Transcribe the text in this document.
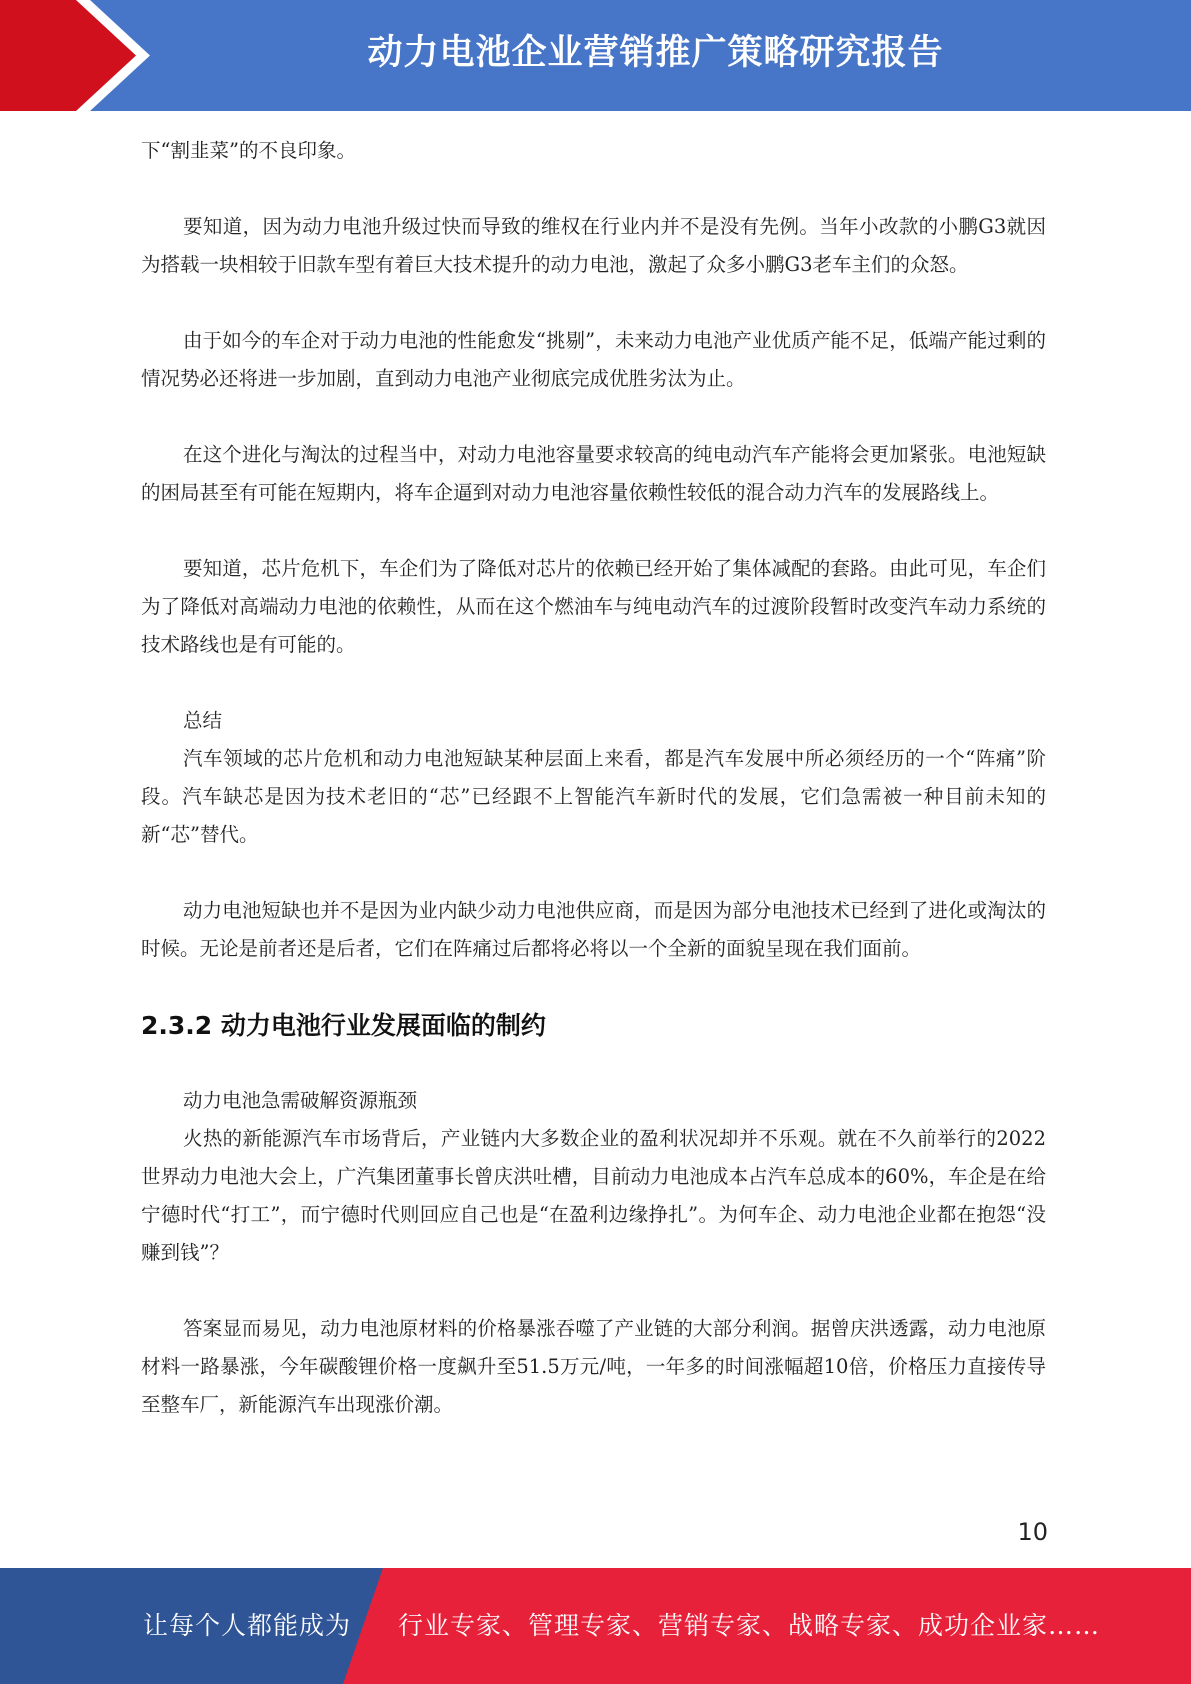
动力电池企业营销推广策略研究报告

下“割韭菜”的不良印象。

要知道，因为动力电池升级过快而导致的维权在行业内并不是没有先例。当年小改款的小鹏G3就因为搭载一块相较于旧款车型有着巨大技术提升的动力电池，激起了众多小鹏G3老车主们的众怒。

由于如今的车企对于动力电池的性能愈发“挑剔”，未来动力电池产业优质产能不足，低端产能过剩的情况势必还将进一步加剧，直到动力电池产业彻底完成优胜劣汰为止。

在这个进化与淘汰的过程当中，对动力电池容量要求较高的纯电动汽车产能将会更加紧张。电池短缺的困局甚至有可能在短期内，将车企逼到对动力电池容量依赖性较低的混合动力汽车的发展路线上。

要知道，芯片危机下，车企们为了降低对芯片的依赖已经开始了集体减配的套路。由此可见，车企们为了降低对高端动力电池的依赖性，从而在这个燃油车与纯电动汽车的过渡阶段暂时改变汽车动力系统的技术路线也是有可能的。

总结

汽车领域的芯片危机和动力电池短缺某种层面上来看，都是汽车发展中所必须经历的一个“阵痛”阶段。汽车缺芯是因为技术老旧的“芯”已经跟不上智能汽车新时代的发展，它们急需被一种目前未知的新“芯”替代。

动力电池短缺也并不是因为业内缺少动力电池供应商，而是因为部分电池技术已经到了进化或淘汰的时候。无论是前者还是后者，它们在阵痛过后都将必将以一个全新的面貌呈现在我们面前。

2.3.2 动力电池行业发展面临的制约

动力电池急需破解资源瓶颈

火热的新能源汽车市场背后，产业链内大多数企业的盈利状况却并不乐观。就在不久前举行的2022世界动力电池大会上，广汽集团董事长曾庆洪吐槽，目前动力电池成本占汽车总成本的60%，车企是在给宁德时代“打工”，而宁德时代则回应自己也是“在盈利边缘挣扎”。为何车企、动力电池企业都在抱怨“没赚到钱”？

答案显而易见，动力电池原材料的价格暴涨吞噬了产业链的大部分利润。据曾庆洪透露，动力电池原材料一路暴涨，今年碳酸锂价格一度飙升至51.5万元/吨，一年多的时间涨幅超10倍，价格压力直接传导至整车厂，新能源汽车出现涨价潮。

10
让每个人都能成为 行业专家、管理专家、营销专家、战略专家、成功企业家……
